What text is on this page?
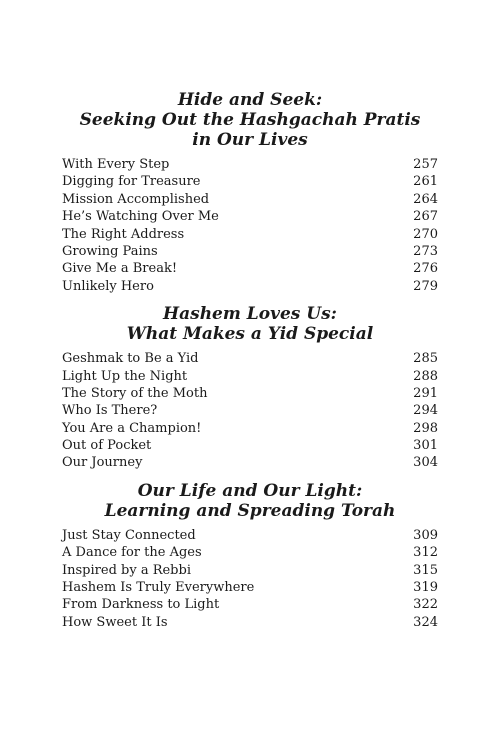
Hide and Seek:
Seeking Out the Hashgachah Pratis
in Our Lives
With Every Step	257
Digging for Treasure	261
Mission Accomplished	264
He’s Watching Over Me	267
The Right Address	270
Growing Pains	273
Give Me a Break!	276
Unlikely Hero	279
Hashem Loves Us:
What Makes a Yid Special
Geshmak to Be a Yid	285
Light Up the Night	288
The Story of the Moth	291
Who Is There?	294
You Are a Champion!	298
Out of Pocket	301
Our Journey	304
Our Life and Our Light:
Learning and Spreading Torah
Just Stay Connected	309
A Dance for the Ages	312
Inspired by a Rebbi	315
Hashem Is Truly Everywhere	319
From Darkness to Light	322
How Sweet It Is	324
